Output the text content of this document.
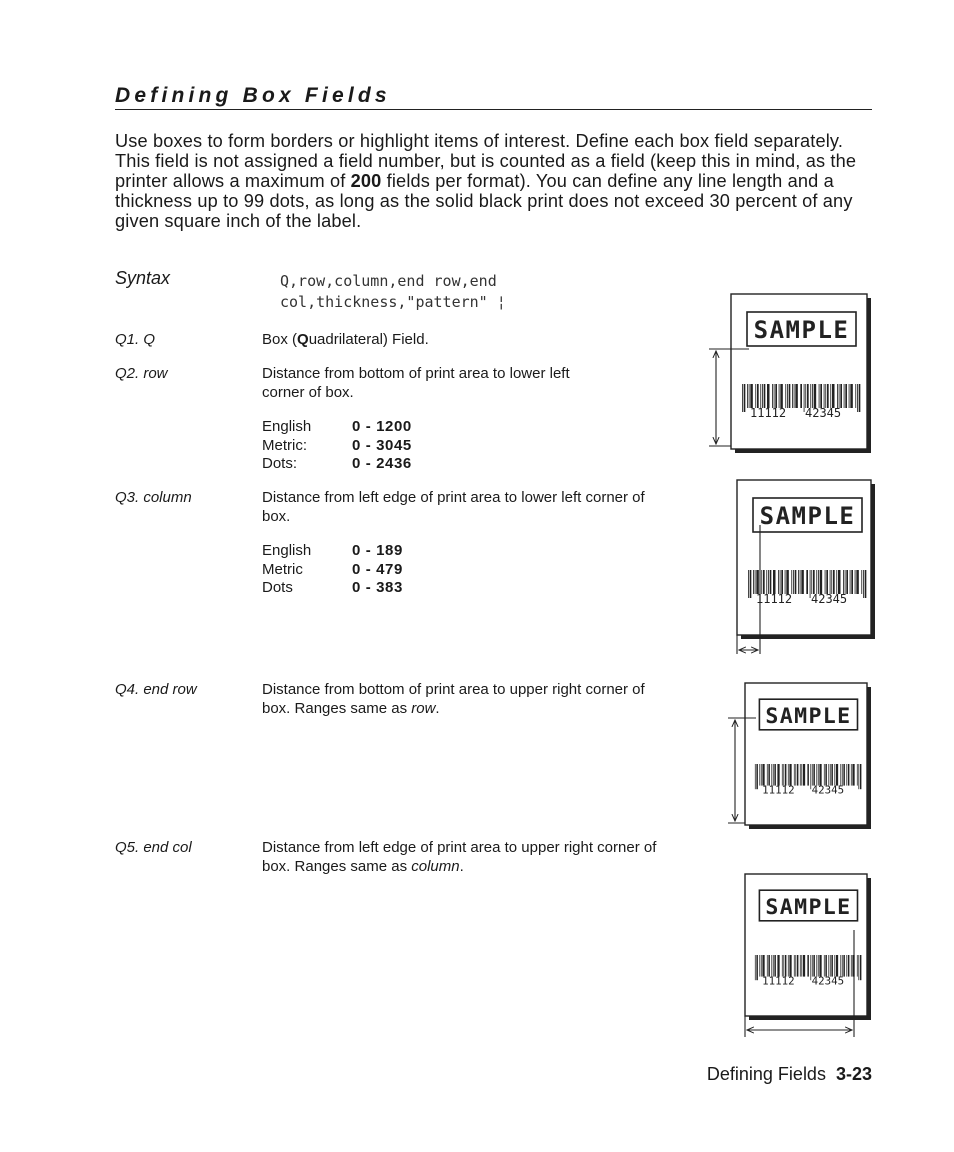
Defining Box Fields
Use boxes to form borders or highlight items of interest. Define each box field separately. This field is not assigned a field number, but is counted as a field (keep this in mind, as the printer allows a maximum of 200 fields per format). You can define any line length and a thickness up to 99 dots, as long as the solid black print does not exceed 30 percent of any given square inch of the label.
Syntax	Q,row,column,end row,end
col,thickness,"pattern" ¦
Q1. Q	Box (Quadrilateral) Field.
Q2. row	Distance from bottom of print area to lower left corner of box.
English	0 - 1200
Metric:	0 - 3045
Dots:	0 - 2436
Q3. column	Distance from left edge of print area to lower left corner of box.
English	0 - 189
Metric	0 - 479
Dots	0 - 383
Q4. end row	Distance from bottom of print area to upper right corner of box. Ranges same as row.
Q5. end col	Distance from left edge of print area to upper right corner of box. Ranges same as column.
SAMPLE
11112 42345
SAMPLE
11112 42345
SAMPLE
11112 42345
SAMPLE
11112 42345
Defining Fields 3-23
